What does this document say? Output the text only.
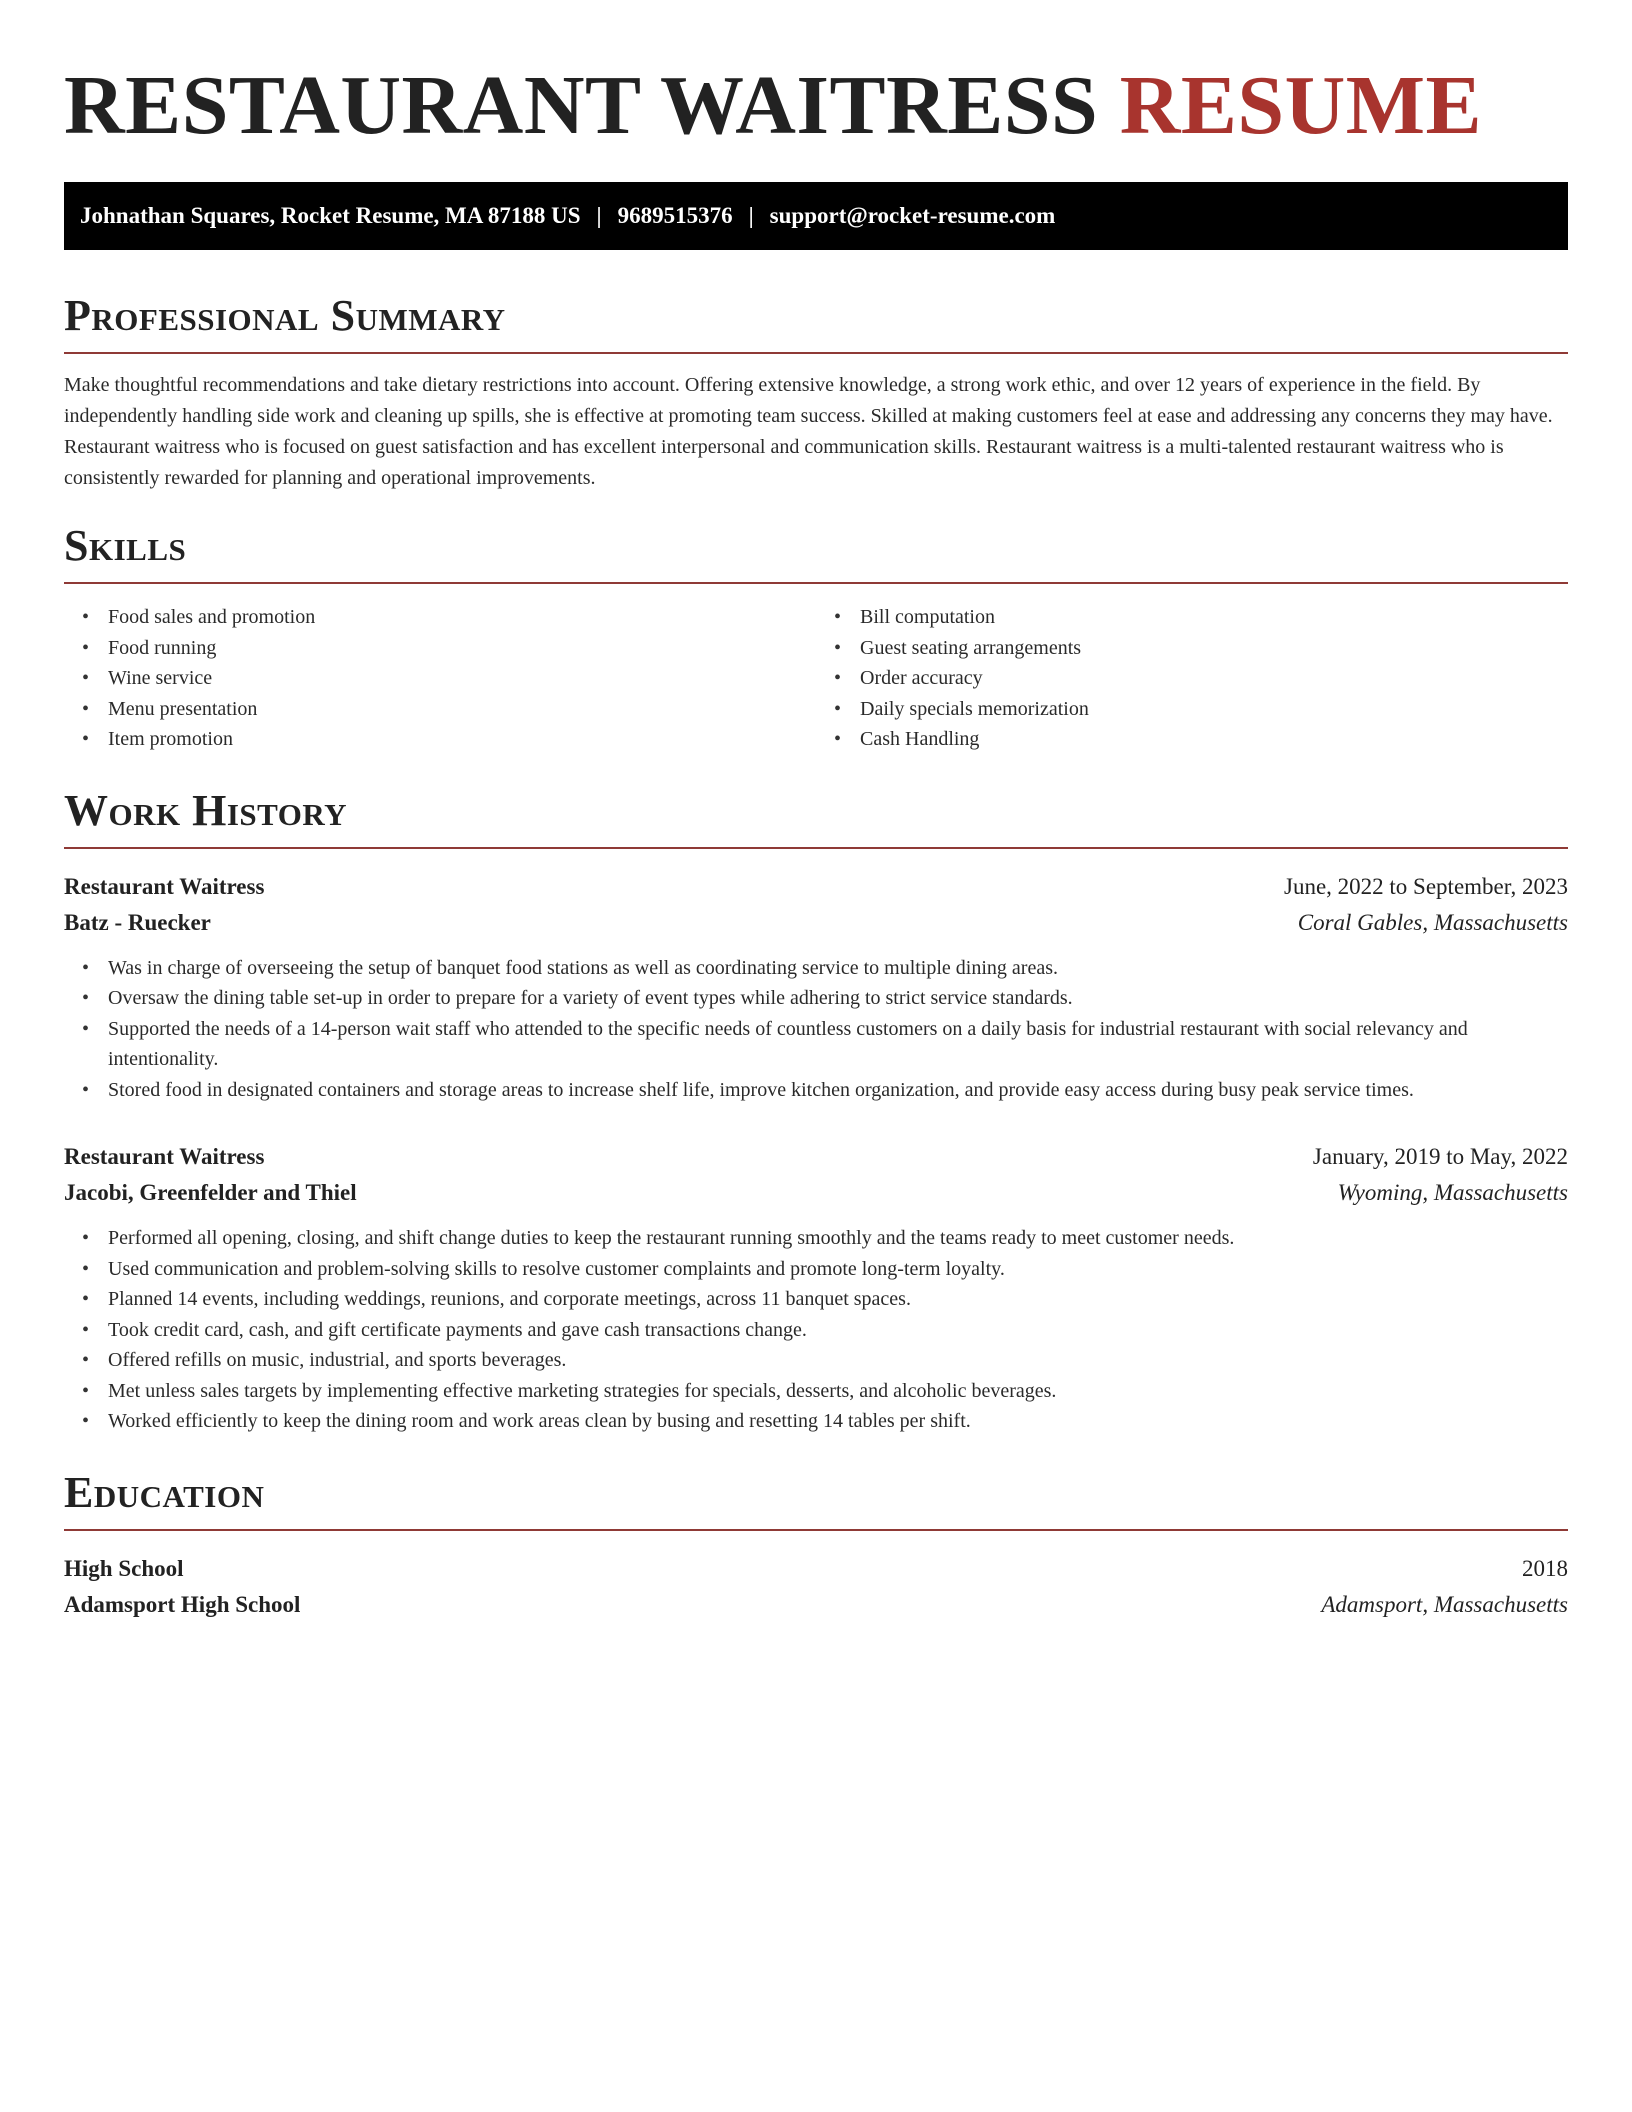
RESTAURANT WAITRESS RESUME
Johnathan Squares, Rocket Resume, MA 87188 US | 9689515376 | support@rocket-resume.com
Professional Summary

Make thoughtful recommendations and take dietary restrictions into account. Offering extensive knowledge, a strong work ethic, and over 12 years of experience in the field. By independently handling side work and cleaning up spills, she is effective at promoting team success. Skilled at making customers feel at ease and addressing any concerns they may have. Restaurant waitress who is focused on guest satisfaction and has excellent interpersonal and communication skills. Restaurant waitress is a multi-talented restaurant waitress who is consistently rewarded for planning and operational improvements.

Skills
• Food sales and promotion
• Food running
• Wine service
• Menu presentation
• Item promotion
• Bill computation
• Guest seating arrangements
• Order accuracy
• Daily specials memorization
• Cash Handling
Work History
Restaurant Waitress	June, 2022 to September, 2023
Batz - Ruecker	Coral Gables, Massachusetts
• Was in charge of overseeing the setup of banquet food stations as well as coordinating service to multiple dining areas.
• Oversaw the dining table set-up in order to prepare for a variety of event types while adhering to strict service standards.
• Supported the needs of a 14-person wait staff who attended to the specific needs of countless customers on a daily basis for industrial restaurant with social relevancy and intentionality.
• Stored food in designated containers and storage areas to increase shelf life, improve kitchen organization, and provide easy access during busy peak service times.
Restaurant Waitress	January, 2019 to May, 2022
Jacobi, Greenfelder and Thiel	Wyoming, Massachusetts
• Performed all opening, closing, and shift change duties to keep the restaurant running smoothly and the teams ready to meet customer needs.
• Used communication and problem-solving skills to resolve customer complaints and promote long-term loyalty.
• Planned 14 events, including weddings, reunions, and corporate meetings, across 11 banquet spaces.
• Took credit card, cash, and gift certificate payments and gave cash transactions change.
• Offered refills on music, industrial, and sports beverages.
• Met unless sales targets by implementing effective marketing strategies for specials, desserts, and alcoholic beverages.
• Worked efficiently to keep the dining room and work areas clean by busing and resetting 14 tables per shift.
Education
High School	2018
Adamsport High School	Adamsport, Massachusetts
